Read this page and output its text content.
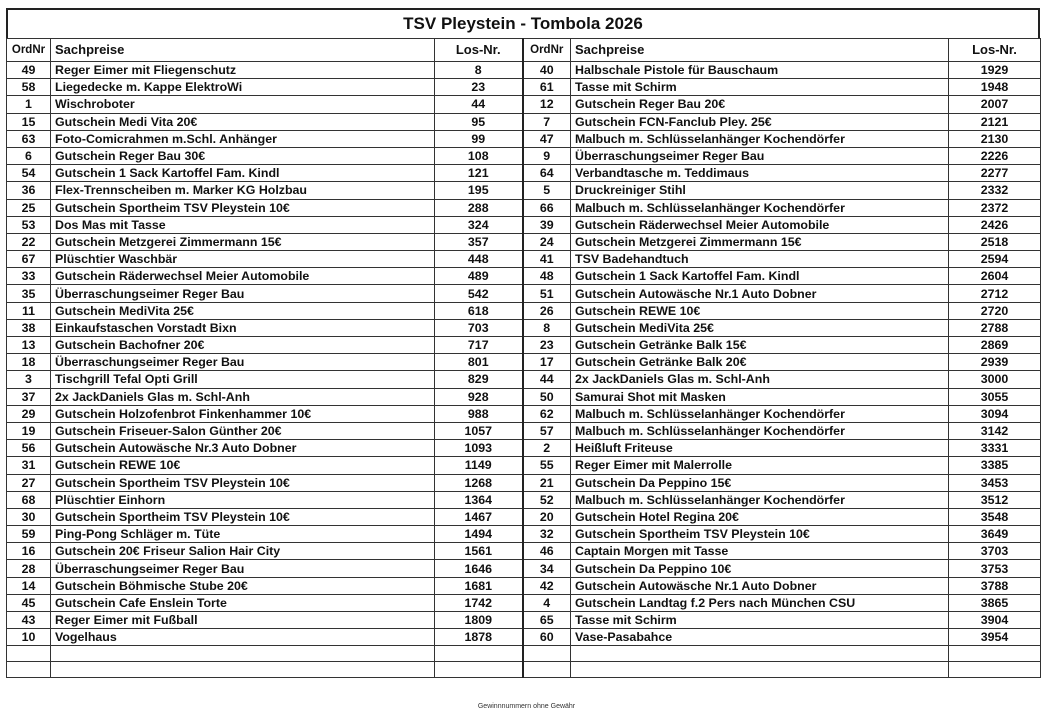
TSV Pleystein - Tombola 2026
OrdNr	Sachpreise	Los-Nr.	OrdNr	Sachpreise	Los-Nr.
49	Reger Eimer mit Fliegenschutz	8	40	Halbschale Pistole für Bauschaum	1929
58	Liegedecke m. Kappe ElektroWi	23	61	Tasse mit Schirm	1948
1	Wischroboter	44	12	Gutschein Reger Bau 20€	2007
15	Gutschein Medi Vita 20€	95	7	Gutschein FCN-Fanclub Pley. 25€	2121
63	Foto-Comicrahmen m.Schl. Anhänger	99	47	Malbuch m. Schlüsselanhänger Kochendörfer	2130
6	Gutschein Reger Bau 30€	108	9	Überraschungseimer Reger Bau	2226
54	Gutschein 1 Sack Kartoffel Fam. Kindl	121	64	Verbandtasche m. Teddimaus	2277
36	Flex-Trennscheiben m. Marker KG Holzbau	195	5	Druckreiniger Stihl	2332
25	Gutschein Sportheim TSV Pleystein 10€	288	66	Malbuch m. Schlüsselanhänger Kochendörfer	2372
53	Dos Mas mit Tasse	324	39	Gutschein Räderwechsel Meier Automobile	2426
22	Gutschein Metzgerei Zimmermann 15€	357	24	Gutschein Metzgerei Zimmermann 15€	2518
67	Plüschtier Waschbär	448	41	TSV Badehandtuch	2594
33	Gutschein Räderwechsel Meier Automobile	489	48	Gutschein 1 Sack Kartoffel Fam. Kindl	2604
35	Überraschungseimer Reger Bau	542	51	Gutschein Autowäsche Nr.1 Auto Dobner	2712
11	Gutschein MediVita 25€	618	26	Gutschein REWE 10€	2720
38	Einkaufstaschen Vorstadt Bixn	703	8	Gutschein MediVita 25€	2788
13	Gutschein Bachofner 20€	717	23	Gutschein Getränke Balk 15€	2869
18	Überraschungseimer Reger Bau	801	17	Gutschein Getränke Balk 20€	2939
3	Tischgrill Tefal Opti Grill	829	44	2x JackDaniels Glas m. Schl-Anh	3000
37	2x JackDaniels Glas m. Schl-Anh	928	50	Samurai Shot mit Masken	3055
29	Gutschein Holzofenbrot Finkenhammer 10€	988	62	Malbuch m. Schlüsselanhänger Kochendörfer	3094
19	Gutschein Friseuer-Salon Günther 20€	1057	57	Malbuch m. Schlüsselanhänger Kochendörfer	3142
56	Gutschein Autowäsche Nr.3 Auto Dobner	1093	2	Heißluft Friteuse	3331
31	Gutschein REWE 10€	1149	55	Reger Eimer mit Malerrolle	3385
27	Gutschein Sportheim TSV Pleystein 10€	1268	21	Gutschein Da Peppino 15€	3453
68	Plüschtier Einhorn	1364	52	Malbuch m. Schlüsselanhänger Kochendörfer	3512
30	Gutschein Sportheim TSV Pleystein 10€	1467	20	Gutschein Hotel Regina 20€	3548
59	Ping-Pong Schläger m. Tüte	1494	32	Gutschein Sportheim TSV Pleystein 10€	3649
16	Gutschein 20€ Friseur Salion Hair City	1561	46	Captain Morgen mit Tasse	3703
28	Überraschungseimer Reger Bau	1646	34	Gutschein Da Peppino 10€	3753
14	Gutschein Böhmische Stube 20€	1681	42	Gutschein Autowäsche Nr.1 Auto Dobner	3788
45	Gutschein Cafe Enslein Torte	1742	4	Gutschein Landtag f.2 Pers nach München CSU	3865
43	Reger Eimer mit Fußball	1809	65	Tasse mit Schirm	3904
10	Vogelhaus	1878	60	Vase-Pasabahce	3954

Gewinnnummern ohne Gewähr
